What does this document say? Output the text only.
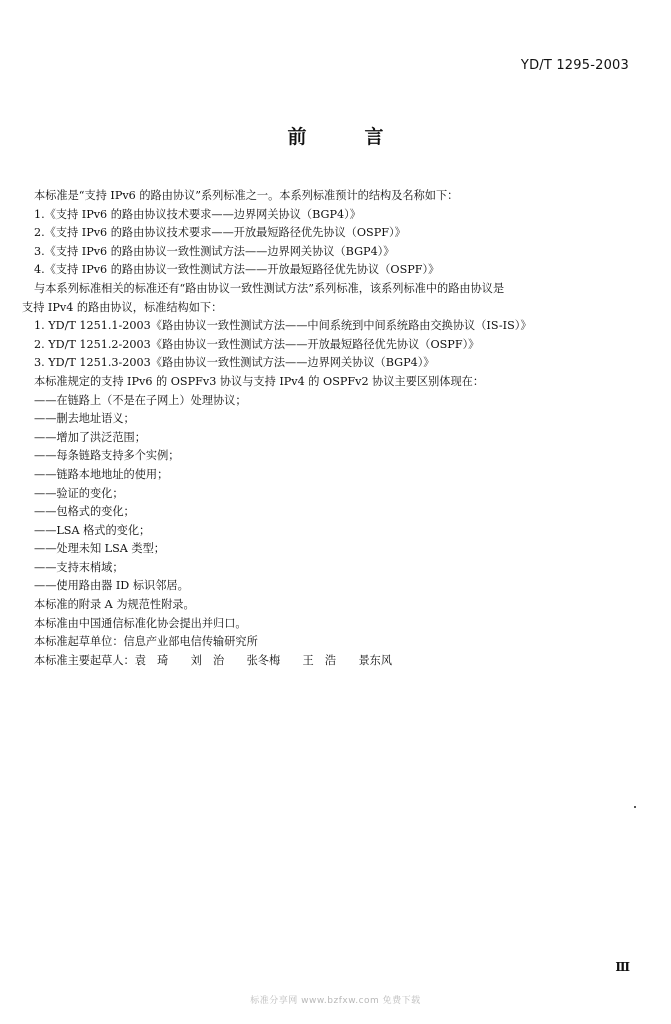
YD/T 1295-2003
前言

本标准是“支持 IPv6 的路由协议”系列标准之一。本系列标准预计的结构及名称如下：

1.《支持 IPv6 的路由协议技术要求——边界网关协议（BGP4）》

2.《支持 IPv6 的路由协议技术要求——开放最短路径优先协议（OSPF）》

3.《支持 IPv6 的路由协议一致性测试方法——边界网关协议（BGP4）》

4.《支持 IPv6 的路由协议一致性测试方法——开放最短路径优先协议（OSPF）》

与本系列标准相关的标准还有“路由协议一致性测试方法”系列标准，该系列标准中的路由协议是

支持 IPv4 的路由协议，标准结构如下：

1. YD/T 1251.1-2003《路由协议一致性测试方法——中间系统到中间系统路由交换协议（IS-IS）》

2. YD/T 1251.2-2003《路由协议一致性测试方法——开放最短路径优先协议（OSPF）》

3. YD/T 1251.3-2003《路由协议一致性测试方法——边界网关协议（BGP4）》

本标准规定的支持 IPv6 的 OSPFv3 协议与支持 IPv4 的 OSPFv2 协议主要区别体现在：

——在链路上（不是在子网上）处理协议；

——删去地址语义；

——增加了洪泛范围；

——每条链路支持多个实例；

——链路本地地址的使用；

——验证的变化；

——包格式的变化；

——LSA 格式的变化；

——处理未知 LSA 类型；

——支持末梢域；

——使用路由器 ID 标识邻居。

本标准的附录 A 为规范性附录。

本标准由中国通信标准化协会提出并归口。

本标准起草单位：信息产业部电信传输研究所

本标准主要起草人：袁　琦　　刘　治　　张冬梅　　王　浩　　景东风

Ⅲ
标准分享网 www.bzfxw.com 免费下载
